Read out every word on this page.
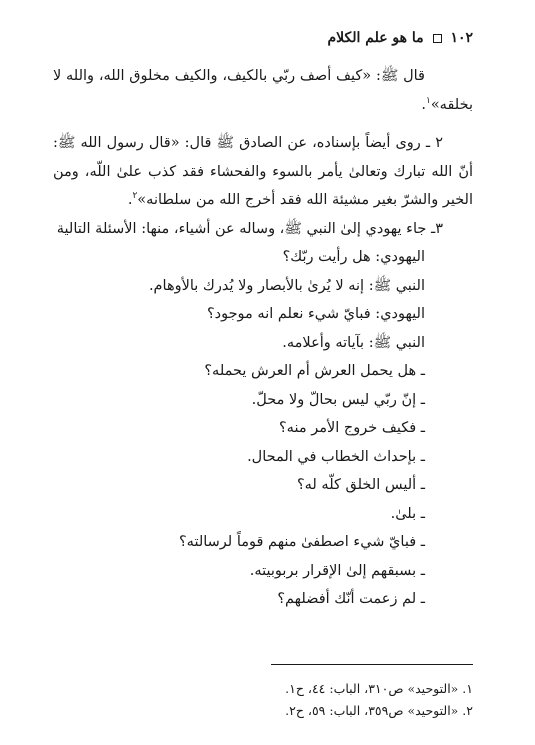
١٠٢  ما هو علم الكلام
قال ﷺ: «كيف أصف ربّي بالكيف، والكيف مخلوق الله، والله لا
بخلقه»$^١$.
٢ ـ روى أيضاً بإسناده، عن الصادق ﷺ قال: «قال رسول الله ﷺ:
أنّ الله تبارك وتعالىٰ يأمر بالسوء والفحشاء فقد كذب علىٰ اللّه، ومن
الخير والشرّ بغير مشيئة الله فقد أخرج الله من سلطانه»$^٢$.
٣ـ جاء يهودي إلىٰ النبي ﷺ، وساله عن أشياء، منها: الأسئلة التالية
اليهودي: هل رأيت ربّك؟
النبي ﷺ: إنه لا يُرىٰ بالأبصار ولا يُدرك بالأوهام.
اليهودي: فبايّ شيء نعلم انه موجود؟
النبي ﷺ: بآياته وأعلامه.
ـ هل يحمل العرش أم العرش يحمله؟
ـ إنّ ربّي ليس بحالّ ولا محلّ.
ـ فكيف خروج الأمر منه؟
ـ بإحداث الخطاب في المحال.
ـ أليس الخلق كلّه له؟
ـ بلىٰ.
ـ فبايّ شيء اصطفىٰ منهم قوماً لرسالته؟
ـ بسبقهم إلىٰ الإقرار بربوبيته.
ـ لم زعمت أنّك أفضلهم؟
١. «التوحيد» ص٣١٠، الباب: ٤٤، ح١.
٢. «التوحيد» ص٣٥٩، الباب: ٥٩، ح٢.
